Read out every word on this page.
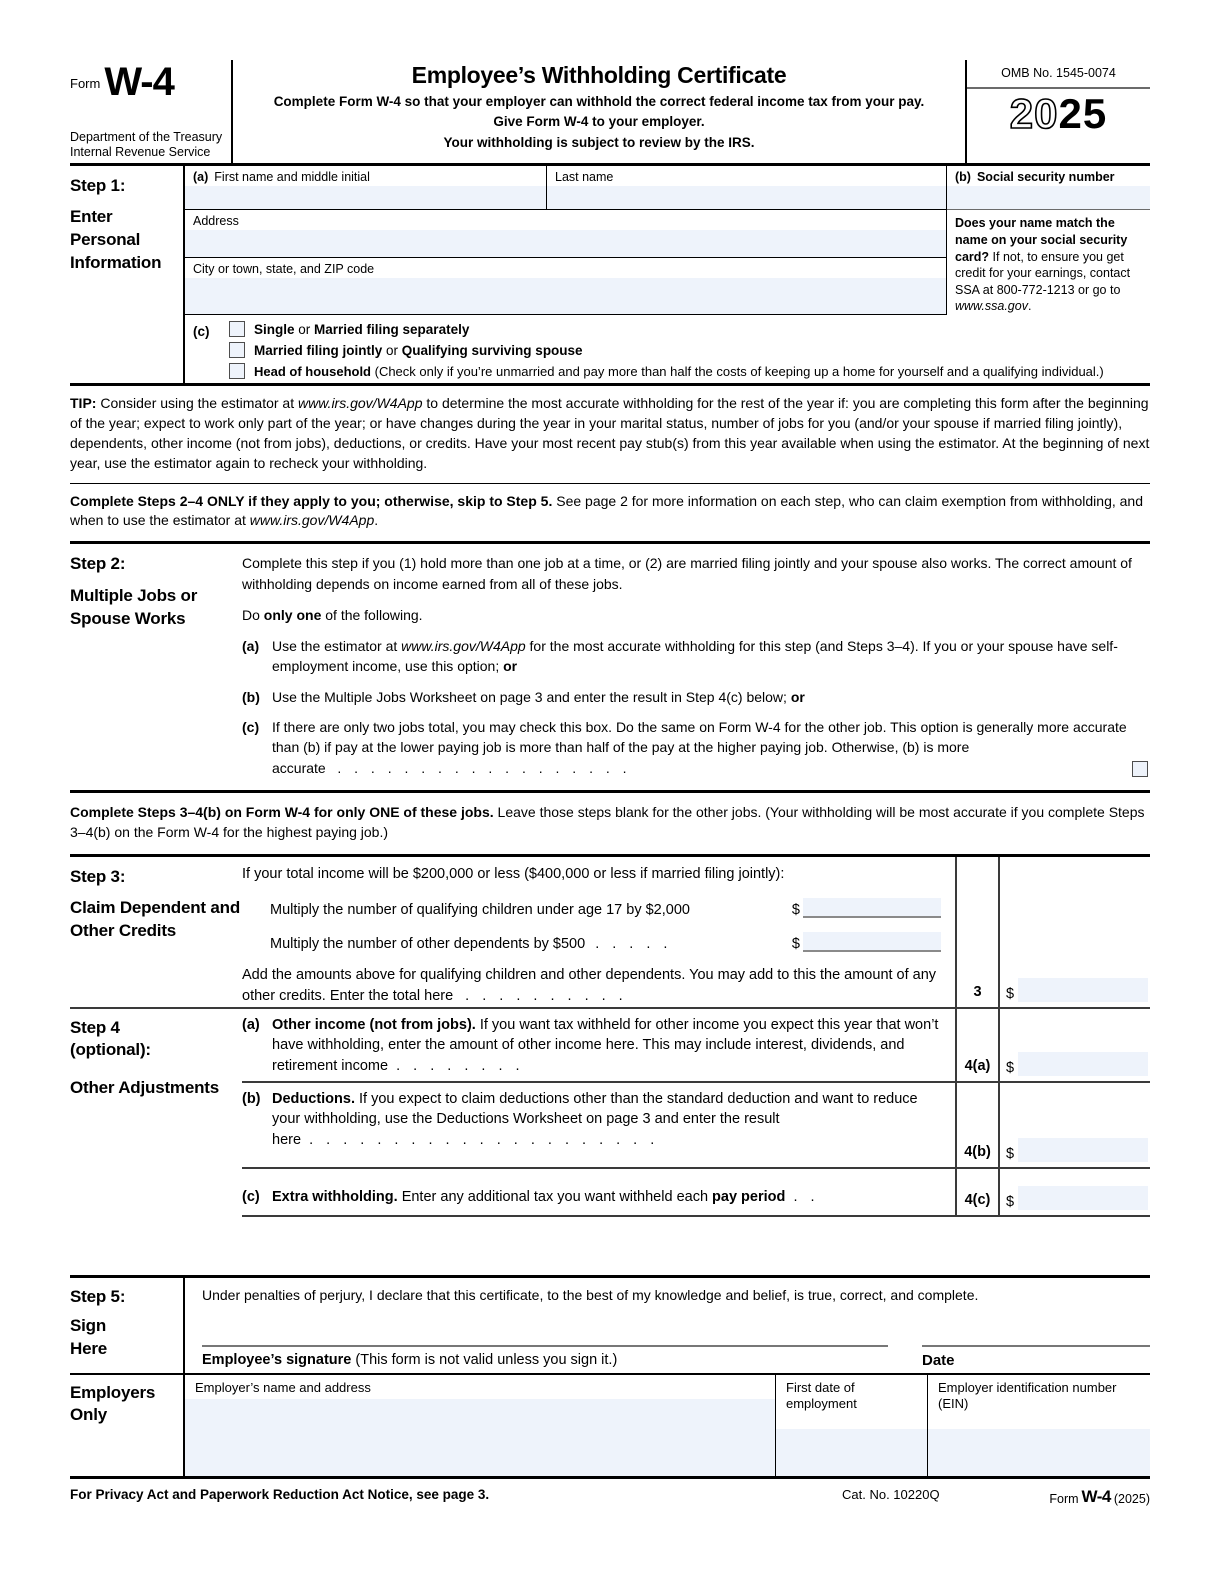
Form W-4
Department of the Treasury
Internal Revenue Service
Employee’s Withholding Certificate
Complete Form W-4 so that your employer can withhold the correct federal income tax from your pay.
Give Form W-4 to your employer.
Your withholding is subject to review by the IRS.
OMB No. 1545-0074
2025
Step 1:
Enter Personal Information
(a) First name and middle initial	Last name	(b) Social security number
Address
City or town, state, and ZIP code
Does your name match the name on your social security card? If not, to ensure you get credit for your earnings, contact SSA at 800-772-1213 or go to www.ssa.gov.
(c)	Single or Married filing separately
Married filing jointly or Qualifying surviving spouse
Head of household (Check only if you’re unmarried and pay more than half the costs of keeping up a home for yourself and a qualifying individual.)
TIP: Consider using the estimator at www.irs.gov/W4App to determine the most accurate withholding for the rest of the year if: you are completing this form after the beginning of the year; expect to work only part of the year; or have changes during the year in your marital status, number of jobs for you (and/or your spouse if married filing jointly), dependents, other income (not from jobs), deductions, or credits. Have your most recent pay stub(s) from this year available when using the estimator. At the beginning of next year, use the estimator again to recheck your withholding.
Complete Steps 2–4 ONLY if they apply to you; otherwise, skip to Step 5. See page 2 for more information on each step, who can claim exemption from withholding, and when to use the estimator at www.irs.gov/W4App.
Step 2:
Multiple Jobs or Spouse Works

Complete this step if you (1) hold more than one job at a time, or (2) are married filing jointly and your spouse also works. The correct amount of withholding depends on income earned from all of these jobs.

Do only one of the following.

(a) Use the estimator at www.irs.gov/W4App for the most accurate withholding for this step (and Steps 3–4). If you or your spouse have self-employment income, use this option; or
(b) Use the Multiple Jobs Worksheet on page 3 and enter the result in Step 4(c) below; or
(c) If there are only two jobs total, you may check this box. Do the same on Form W-4 for the other job. This option is generally more accurate than (b) if pay at the lower paying job is more than half of the pay at the higher paying job. Otherwise, (b) is more accurate . . . . . . . . . . . . . . . . . .
Complete Steps 3–4(b) on Form W-4 for only ONE of these jobs. Leave those steps blank for the other jobs. (Your withholding will be most accurate if you complete Steps 3–4(b) on the Form W-4 for the highest paying job.)
Step 3:
Claim Dependent and Other Credits
If your total income will be $200,000 or less ($400,000 or less if married filing jointly):
Multiply the number of qualifying children under age 17 by $2,000	$
Multiply the number of other dependents by $500 . . . . .	$
Add the amounts above for qualifying children and other dependents. You may add to this the amount of any other credits. Enter the total here . . . . . . . . . .	3	$
Step 4
(optional):
Other Adjustments
(a) Other income (not from jobs). If you want tax withheld for other income you expect this year that won’t have withholding, enter the amount of other income here. This may include interest, dividends, and retirement income . . . . . . . .	4(a)	$
(b) Deductions. If you expect to claim deductions other than the standard deduction and want to reduce your withholding, use the Deductions Worksheet on page 3 and enter the result here . . . . . . . . . . . . . . . . . . . . .
4(b)	$
(c) Extra withholding. Enter any additional tax you want withheld each pay period . .	4(c)	$
Step 5:
Sign
Here
Under penalties of perjury, I declare that this certificate, to the best of my knowledge and belief, is true, correct, and complete.
Employee’s signature (This form is not valid unless you sign it.)	Date
Employers
Only
Employer’s name and address	First date of employment
Employer identification number (EIN)
For Privacy Act and Paperwork Reduction Act Notice, see page 3.	Cat. No. 10220Q	Form W-4 (2025)
